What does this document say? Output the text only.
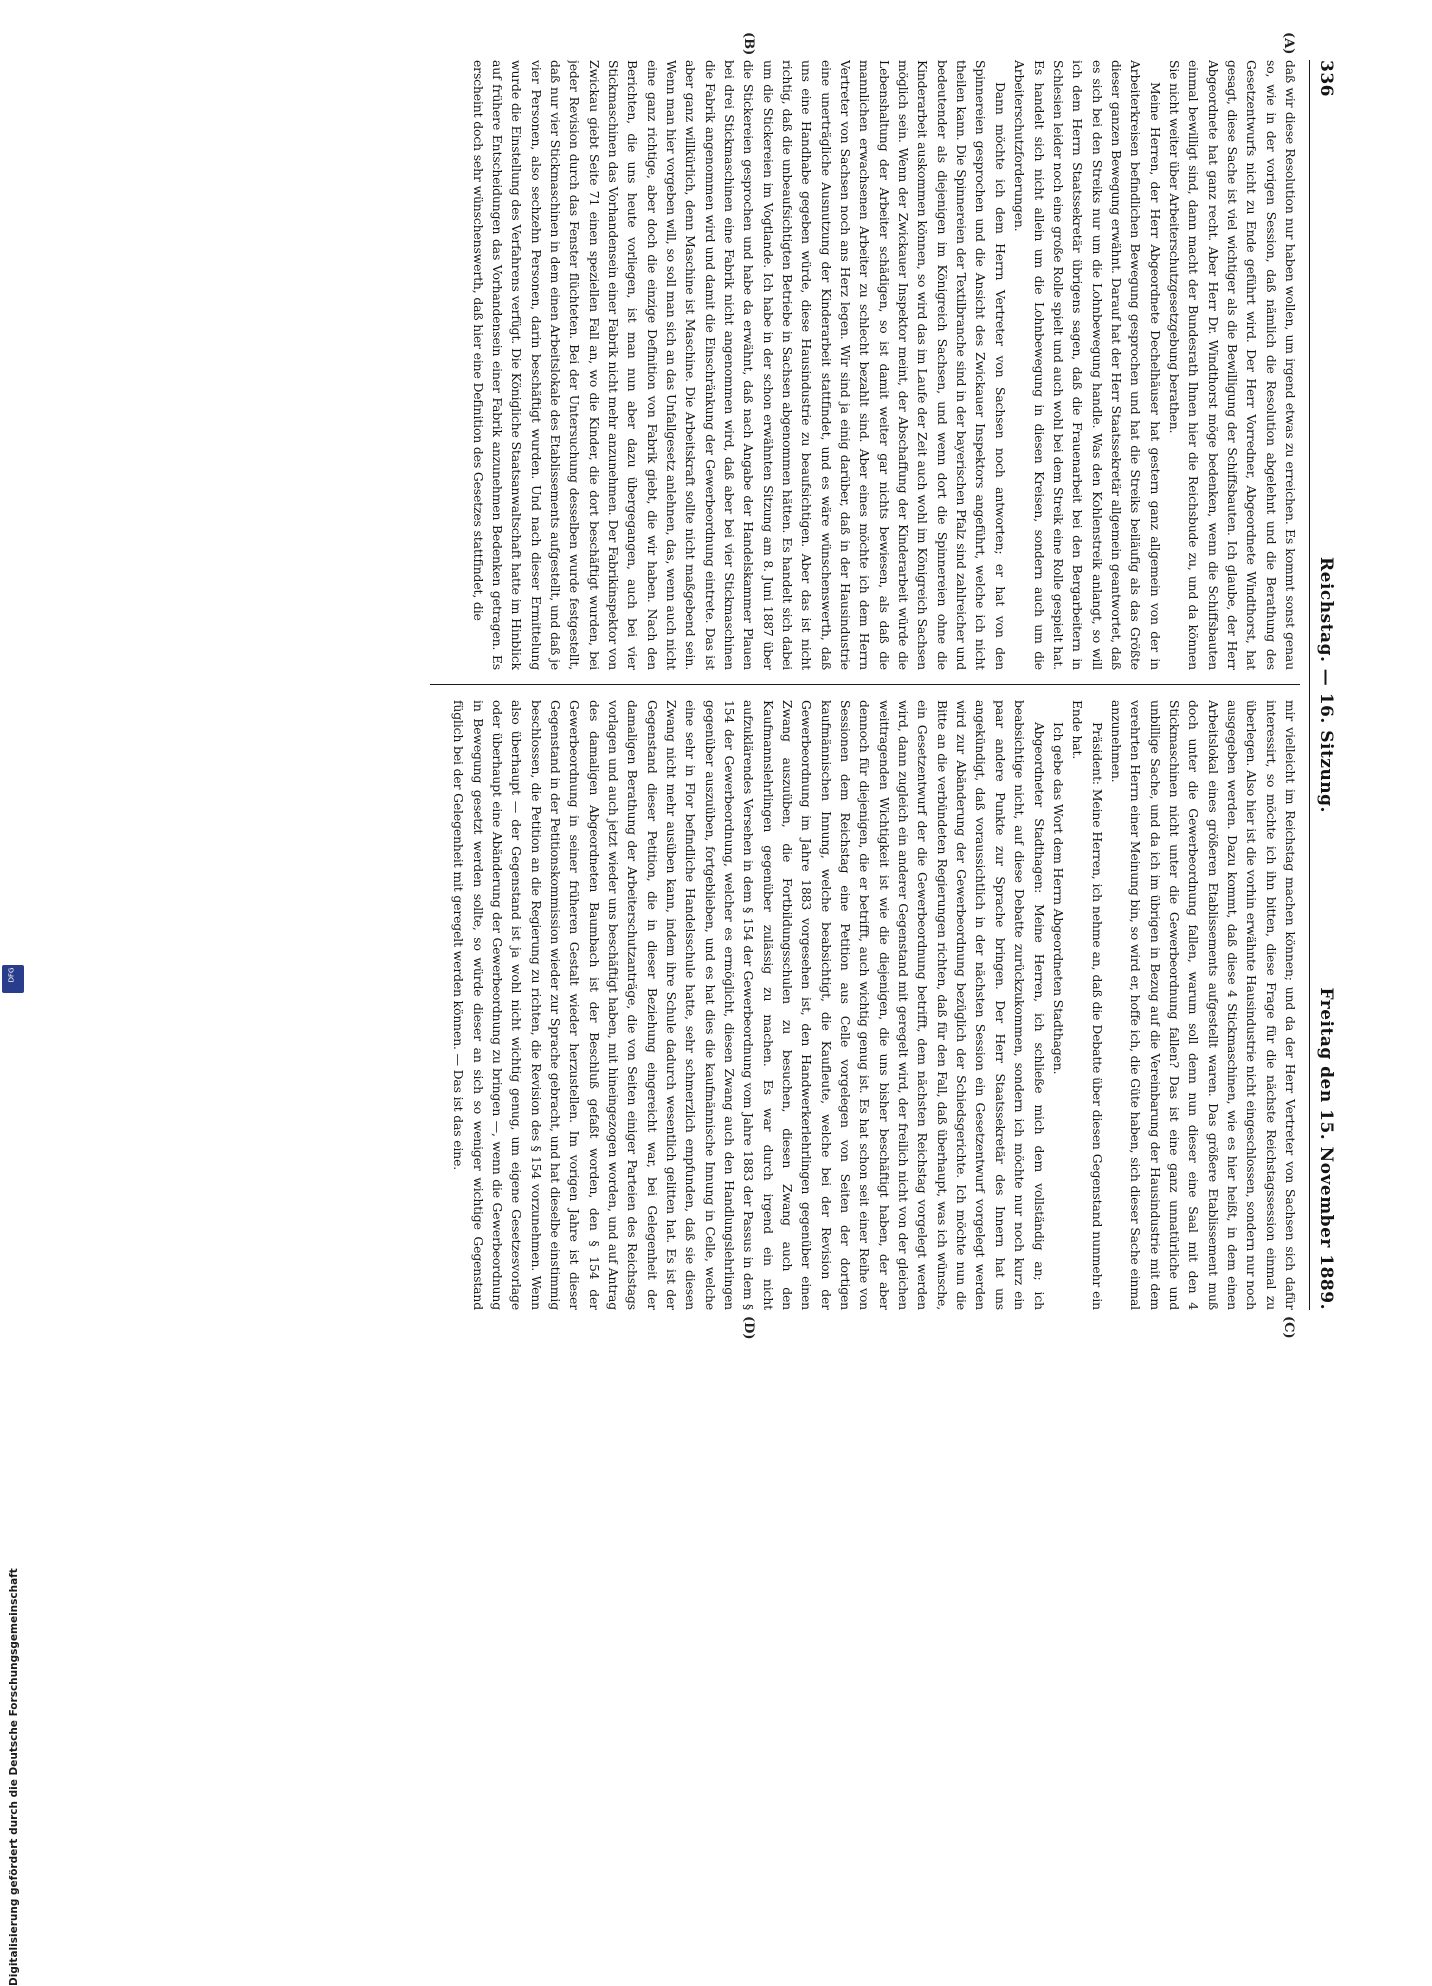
336
Reichstag. — 16. Sitzung.
Freitag den 15. November 1889.
(A)
(B)
(C)
(D)

daß wir diese Resolution nur haben wollen, um irgend etwas zu erreichen. Es kommt sonst genau so, wie in der vorigen Session, daß nämlich die Resolution abgelehnt und die Berathung des Gesetzentwurfs nicht zu Ende geführt wird. Der Herr Vorredner, Abgeordnete Windthorst, hat gesagt, diese Sache ist viel wichtiger als die Bewilligung der Schiffsbauten. Ich glaube, der Herr Abgeordnete hat ganz recht. Aber Herr Dr. Windthorst möge bedenken, wenn die Schiffsbauten einmal bewilligt sind, dann macht der Bundesrath Ihnen hier die Reichsbude zu, und da können Sie nicht weiter über Arbeiterschutzgesetzgebung berathen.

Meine Herren, der Herr Abgeordnete Dechelhäuser hat gestern ganz allgemein von der in Arbeiterkreisen befindlichen Bewegung gesprochen und hat die Streiks beiläufig als das Größte dieser ganzen Bewegung erwähnt. Darauf hat der Herr Staatssekretär allgemein geantwortet, daß es sich bei den Streiks nur um die Lohnbewegung handle. Was den Kohlenstreik anlangt, so will ich dem Herrn Staatssekretär übrigens sagen, daß die Frauenarbeit bei den Bergarbeitern in Schlesien leider noch eine große Rolle spielt und auch wohl bei dem Streik eine Rolle gespielt hat. Es handelt sich nicht allein um die Lohnbewegung in diesen Kreisen, sondern auch um die Arbeiterschutzforderungen.

Dann möchte ich dem Herrn Vertreter von Sachsen noch antworten; er hat von den Spinnereien gesprochen und die Ansicht des Zwickauer Inspektors angeführt, welche ich nicht theilen kann. Die Spinnereien der Textilbranche sind in der bayerischen Pfalz sind zahlreicher und bedeutender als diejenigen im Königreich Sachsen, und wenn dort die Spinnereien ohne die Kinderarbeit auskommen können, so wird das im Laufe der Zeit auch wohl im Königreich Sachsen möglich sein. Wenn der Zwickauer Inspektor meint, der Abschaffung der Kinderarbeit würde die Lebenshaltung der Arbeiter schädigen, so ist damit weiter gar nichts bewiesen, als daß die mannlichen erwachsenen Arbeiter zu schlecht bezahlt sind. Aber eines möchte ich dem Herrn Vertreter von Sachsen noch ans Herz legen. Wir sind ja einig darüber, daß in der Hausindustrie eine unerträgliche Ausnutzung der Kinderarbeit stattfindet, und es wäre wünschenswerth, daß uns eine Handhabe gegeben würde, diese Hausindustrie zu beaufsichtigen. Aber das ist nicht richtig, daß die unbeaufsichtigten Betriebe in Sachsen abgenommen hätten. Es handelt sich dabei um die Stickereien im Vogtlande. Ich habe in der schon erwähnten Sitzung am 8. Juni 1887 über die Stickereien gesprochen und habe da erwähnt, daß nach Angabe der Handelskammer Plauen bei drei Stickmaschinen eine Fabrik nicht angenommen wird, daß aber bei vier Stickmaschinen die Fabrik angenommen wird und damit die Einschränkung der Gewerbeordnung eintrete. Das ist aber ganz willkürlich, denn Maschine ist Maschine. Die Arbeitskraft sollte nicht maßgebend sein. Wenn man hier vorgeben will, so soll man sich an das Unfallgesetz anlehnen, das, wenn auch nicht eine ganz richtige, aber doch die einzige Definition von Fabrik giebt, die wir haben. Nach den Berichten, die uns heute vorliegen, ist man nun aber dazu übergegangen, auch bei vier Stickmaschinen das Vorhandensein einer Fabrik nicht mehr anzunehmen. Der Fabrikinspektor von Zwickau giebt Seite 71 einen speziellen Fall an, wo die Kinder, die dort beschäftigt wurden, bei jeder Revision durch das Fenster flüchteten. Bei der Untersuchung desselben wurde festgestellt, daß nur vier Stickmaschinen in dem einen Arbeitslokale des Etablissements aufgestellt, und daß je vier Personen, also sechzehn Personen, darin beschäftigt wurden. Und nach dieser Ermittelung wurde die Einstellung des Verfahrens verfügt. Die Königliche Staatsanwaltschaft hatte im Hinblick auf frühere Entscheidungen das Vorhandensein einer Fabrik anzunehmen Bedenken getragen. Es erscheint doch sehr wünschenswerth, daß hier eine Definition des Gesetzes stattfindet, die

mir vielleicht im Reichstag machen können; und da der Herr Vertreter von Sachsen sich dafür interessirt, so möchte ich ihn bitten, diese Frage für die nächste Reichstagssession einmal zu überlegen. Also hier ist die vorhin erwähnte Hausindustrie nicht eingeschlossen, sondern nur noch ausgegeben werden. Dazu kommt, daß diese 4 Stickmaschinen, wie es hier heißt, in dem einen Arbeitslokal eines größeren Etablissements aufgestellt waren. Das größere Etablissement muß doch unter die Gewerbeordnung fallen, warum soll denn nun dieser eine Saal mit den 4 Stickmaschinen nicht unter die Gewerbeordnung fallen? Das ist eine ganz unnatürliche und unbillige Sache, und da ich im übrigen in Bezug auf die Vereinbarung der Hausindustrie mit dem verehrten Herrn einer Meinung bin, so wird er, hoffe ich, die Güte haben, sich dieser Sache einmal anzunehmen.

Präsident: Meine Herren, ich nehme an, daß die Debatte über diesen Gegenstand nunmehr ein Ende hat.

Ich gebe das Wort dem Herrn Abgeordneten Stadthagen.

Abgeordneter Stadthagen: Meine Herren, ich schließe mich dem vollständig an; ich beabsichtige nicht, auf diese Debatte zurückzukommen, sondern ich möchte nur noch kurz ein paar andere Punkte zur Sprache bringen. Der Herr Staatssekretär des Innern hat uns angekündigt, daß voraussichtlich in der nächsten Session ein Gesetzentwurf vorgelegt werden wird zur Abänderung der Gewerbeordnung bezüglich der Schiedsgerichte. Ich möchte nun die Bitte an die verbündeten Regierungen richten, daß für den Fall, daß überhaupt, was ich wünsche, ein Gesetzentwurf der die Gewerbeordnung betrifft, dem nächsten Reichstag vorgelegt werden wird, dann zugleich ein anderer Gegenstand mit geregelt wird, der freilich nicht von der gleichen weittragenden Wichtigkeit ist wie die diejenigen, die uns bisher beschäftigt haben, der aber dennoch für diejenigen, die er betrifft, auch wichtig genug ist. Es hat schon seit einer Reihe von Sessionen dem Reichstag eine Petition aus Celle vorgelegen von Seiten der dortigen kaufmännischen Innung, welche beabsichtigt, die Kaufleute, welche bei der Revision der Gewerbeordnung im Jahre 1883 vorgesehen ist, den Handwerkerlehrlingen gegenüber einen Zwang auszuüben, die Fortbildungsschulen zu besuchen, diesen Zwang auch den Kaufmannslehrlingen gegenüber zulässig zu machen. Es war durch irgend ein nicht aufzuklärendes Versehen in dem § 154 der Gewerbeordnung vom Jahre 1883 der Passus in dem § 154 der Gewerbeordnung, welcher es ermöglicht, diesen Zwang auch den Handlungslehrlingen gegenüber auszuüben, fortgeblieben, und es hat dies die kaufmännische Innung in Celle, welche eine sehr in Flor befindliche Handelsschule hatte, sehr schmerzlich empfunden, daß sie diesen Zwang nicht mehr ausüben kann, indem ihre Schule dadurch wesentlich gelitten hat. Es ist der Gegenstand dieser Petition, die in dieser Beziehung eingereicht war, bei Gelegenheit der damaligen Berathung der Arbeiterschutzanträge, die von Seiten einiger Parteien des Reichstags vorlagen und auch jetzt wieder uns beschäftigt haben, mit hineingezogen worden, und auf Antrag des damaligen Abgeordneten Baumbach ist der Beschluß gefaßt worden, den § 154 der Gewerbeordnung in seiner früheren Gestalt wieder herzustellen. Im vorigen Jahre ist dieser Gegenstand in der Petitionskommission wieder zur Sprache gebracht, und hat dieselbe einstimmig beschlossen, die Petition an die Regierung zu richten, die Revision des § 154 vorzunehmen. Wenn also überhaupt — der Gegenstand ist ja wohl nicht wichtig genug, um eigene Gesetzesvorlage oder überhaupt eine Abänderung der Gewerbeordnung zu bringen —, wenn die Gewerbeordnung in Bewegung gesetzt werden sollte, so würde dieser an sich so weniger wichtige Gegenstand füglich bei der Gelegenheit mit geregelt werden können. — Das ist das eine.

Digitalisierung gefördert durch die Deutsche Forschungsgemeinschaft
DFG
